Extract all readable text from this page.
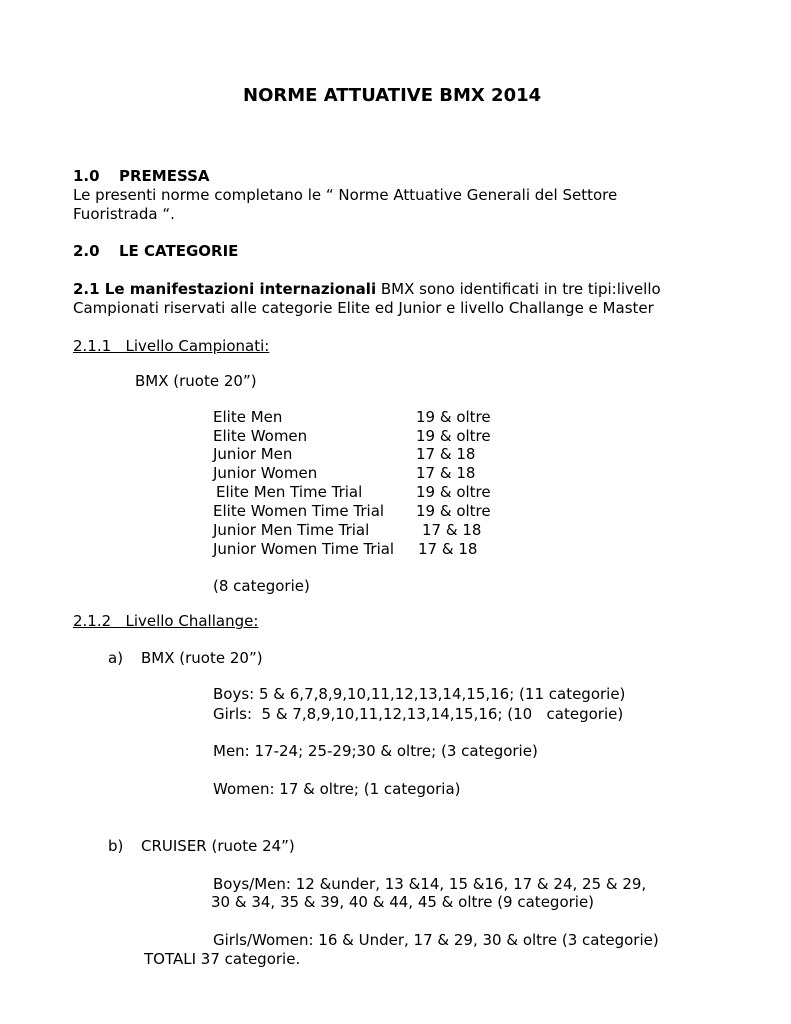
NORME ATTUATIVE BMX 2014
1.0 PREMESSA
Le presenti norme completano le “ Norme Attuative Generali del Settore
Fuoristrada “.
2.0 LE CATEGORIE
2.1 Le manifestazioni internazionali BMX sono identificati in tre tipi:livello
Campionati riservati alle categorie Elite ed Junior e livello Challange e Master
2.1.1   Livello Campionati:
BMX (ruote 20”)
Elite Men	19 & oltre
Elite Women	19 & oltre
Junior Men	17 & 18
Junior Women	17 & 18
Elite Men Time Trial	19 & oltre
Elite Women Time Trial 19 & oltre
Junior Men Time Trial	17 & 18
Junior Women Time Trial 17 & 18
(8 categorie)
2.1.2   Livello Challange:
a) BMX (ruote 20”)
Boys: 5 & 6,7,8,9,10,11,12,13,14,15,16; (11 categorie)
Girls:  5 & 7,8,9,10,11,12,13,14,15,16; (10   categorie)
Men: 17-24; 25-29;30 & oltre; (3 categorie)
Women: 17 & oltre; (1 categoria)
b) CRUISER (ruote 24”)
Boys/Men: 12 &under, 13 &14, 15 &16, 17 & 24, 25 & 29,
30 & 34, 35 & 39, 40 & 44, 45 & oltre (9 categorie)
Girls/Women: 16 & Under, 17 & 29, 30 & oltre (3 categorie)
TOTALI 37 categorie.
